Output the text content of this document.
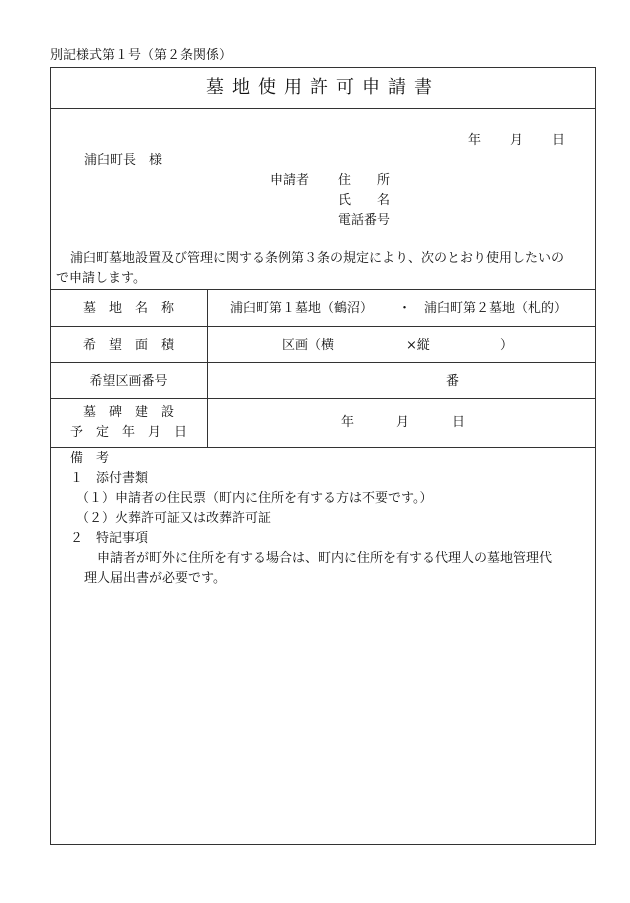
別記様式第１号（第２条関係）
墓地使用許可申請書
年 月 日
浦臼町長　様
申請者 住　　所
氏　　名
電話番号
浦臼町墓地設置及び管理に関する条例第３条の規定により、次のとおり使用したいの
で申請します。
墓　地　名　称	浦臼町第１墓地（鶴沼） ・ 浦臼町第２墓地（札的）
希　望　面　積	区画（横	×縦	）
希望区画番号	番
墓　碑　建　設
予　定　年　月　日
年	月	日
備　考
１　添付書類
（１）申請者の住民票（町内に住所を有する方は不要です。）
（２）火葬許可証又は改葬許可証
２　特記事項
申請者が町外に住所を有する場合は、町内に住所を有する代理人の墓地管理代
理人届出書が必要です。
